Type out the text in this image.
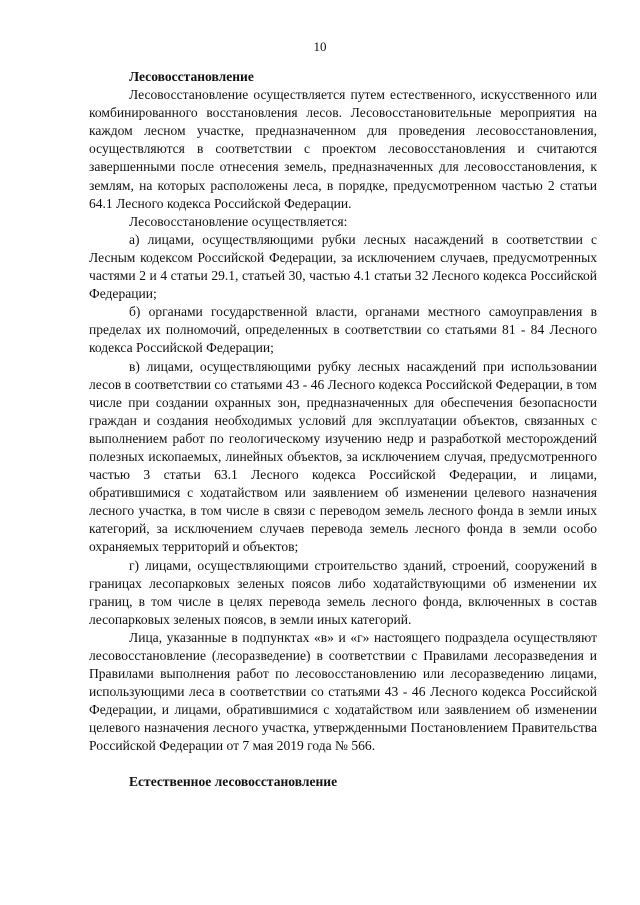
10
Лесовосстановление

Лесовосстановление осуществляется путем естественного, искусственного или комбинированного восстановления лесов. Лесовосстановительные мероприятия на каждом лесном участке, предназначенном для проведения лесовосстановления, осуществляются в соответствии с проектом лесовосстановления и считаются завершенными после отнесения земель, предназначенных для лесовосстановления, к землям, на которых расположены леса, в порядке, предусмотренном частью 2 статьи 64.1 Лесного кодекса Российской Федерации.

Лесовосстановление осуществляется:

а) лицами, осуществляющими рубки лесных насаждений в соответствии с Лесным кодексом Российской Федерации, за исключением случаев, предусмотренных частями 2 и 4 статьи 29.1, статьей 30, частью 4.1 статьи 32 Лесного кодекса Российской Федерации;

б) органами государственной власти, органами местного самоуправления в пределах их полномочий, определенных в соответствии со статьями 81 - 84 Лесного кодекса Российской Федерации;

в) лицами, осуществляющими рубку лесных насаждений при использовании лесов в соответствии со статьями 43 - 46 Лесного кодекса Российской Федерации, в том числе при создании охранных зон, предназначенных для обеспечения безопасности граждан и создания необходимых условий для эксплуатации объектов, связанных с выполнением работ по геологическому изучению недр и разработкой месторождений полезных ископаемых, линейных объектов, за исключением случая, предусмотренного частью 3 статьи 63.1 Лесного кодекса Российской Федерации, и лицами, обратившимися с ходатайством или заявлением об изменении целевого назначения лесного участка, в том числе в связи с переводом земель лесного фонда в земли иных категорий, за исключением случаев перевода земель лесного фонда в земли особо охраняемых территорий и объектов;

г) лицами, осуществляющими строительство зданий, строений, сооружений в границах лесопарковых зеленых поясов либо ходатайствующими об изменении их границ, в том числе в целях перевода земель лесного фонда, включенных в состав лесопарковых зеленых поясов, в земли иных категорий.

Лица, указанные в подпунктах «в» и «г» настоящего подраздела осуществляют лесовосстановление (лесоразведение) в соответствии с Правилами лесоразведения и Правилами выполнения работ по лесовосстановлению или лесоразведению лицами, использующими леса в соответствии со статьями 43 - 46 Лесного кодекса Российской Федерации, и лицами, обратившимися с ходатайством или заявлением об изменении целевого назначения лесного участка, утвержденными Постановлением Правительства Российской Федерации от 7 мая 2019 года № 566.

Естественное лесовосстановление
